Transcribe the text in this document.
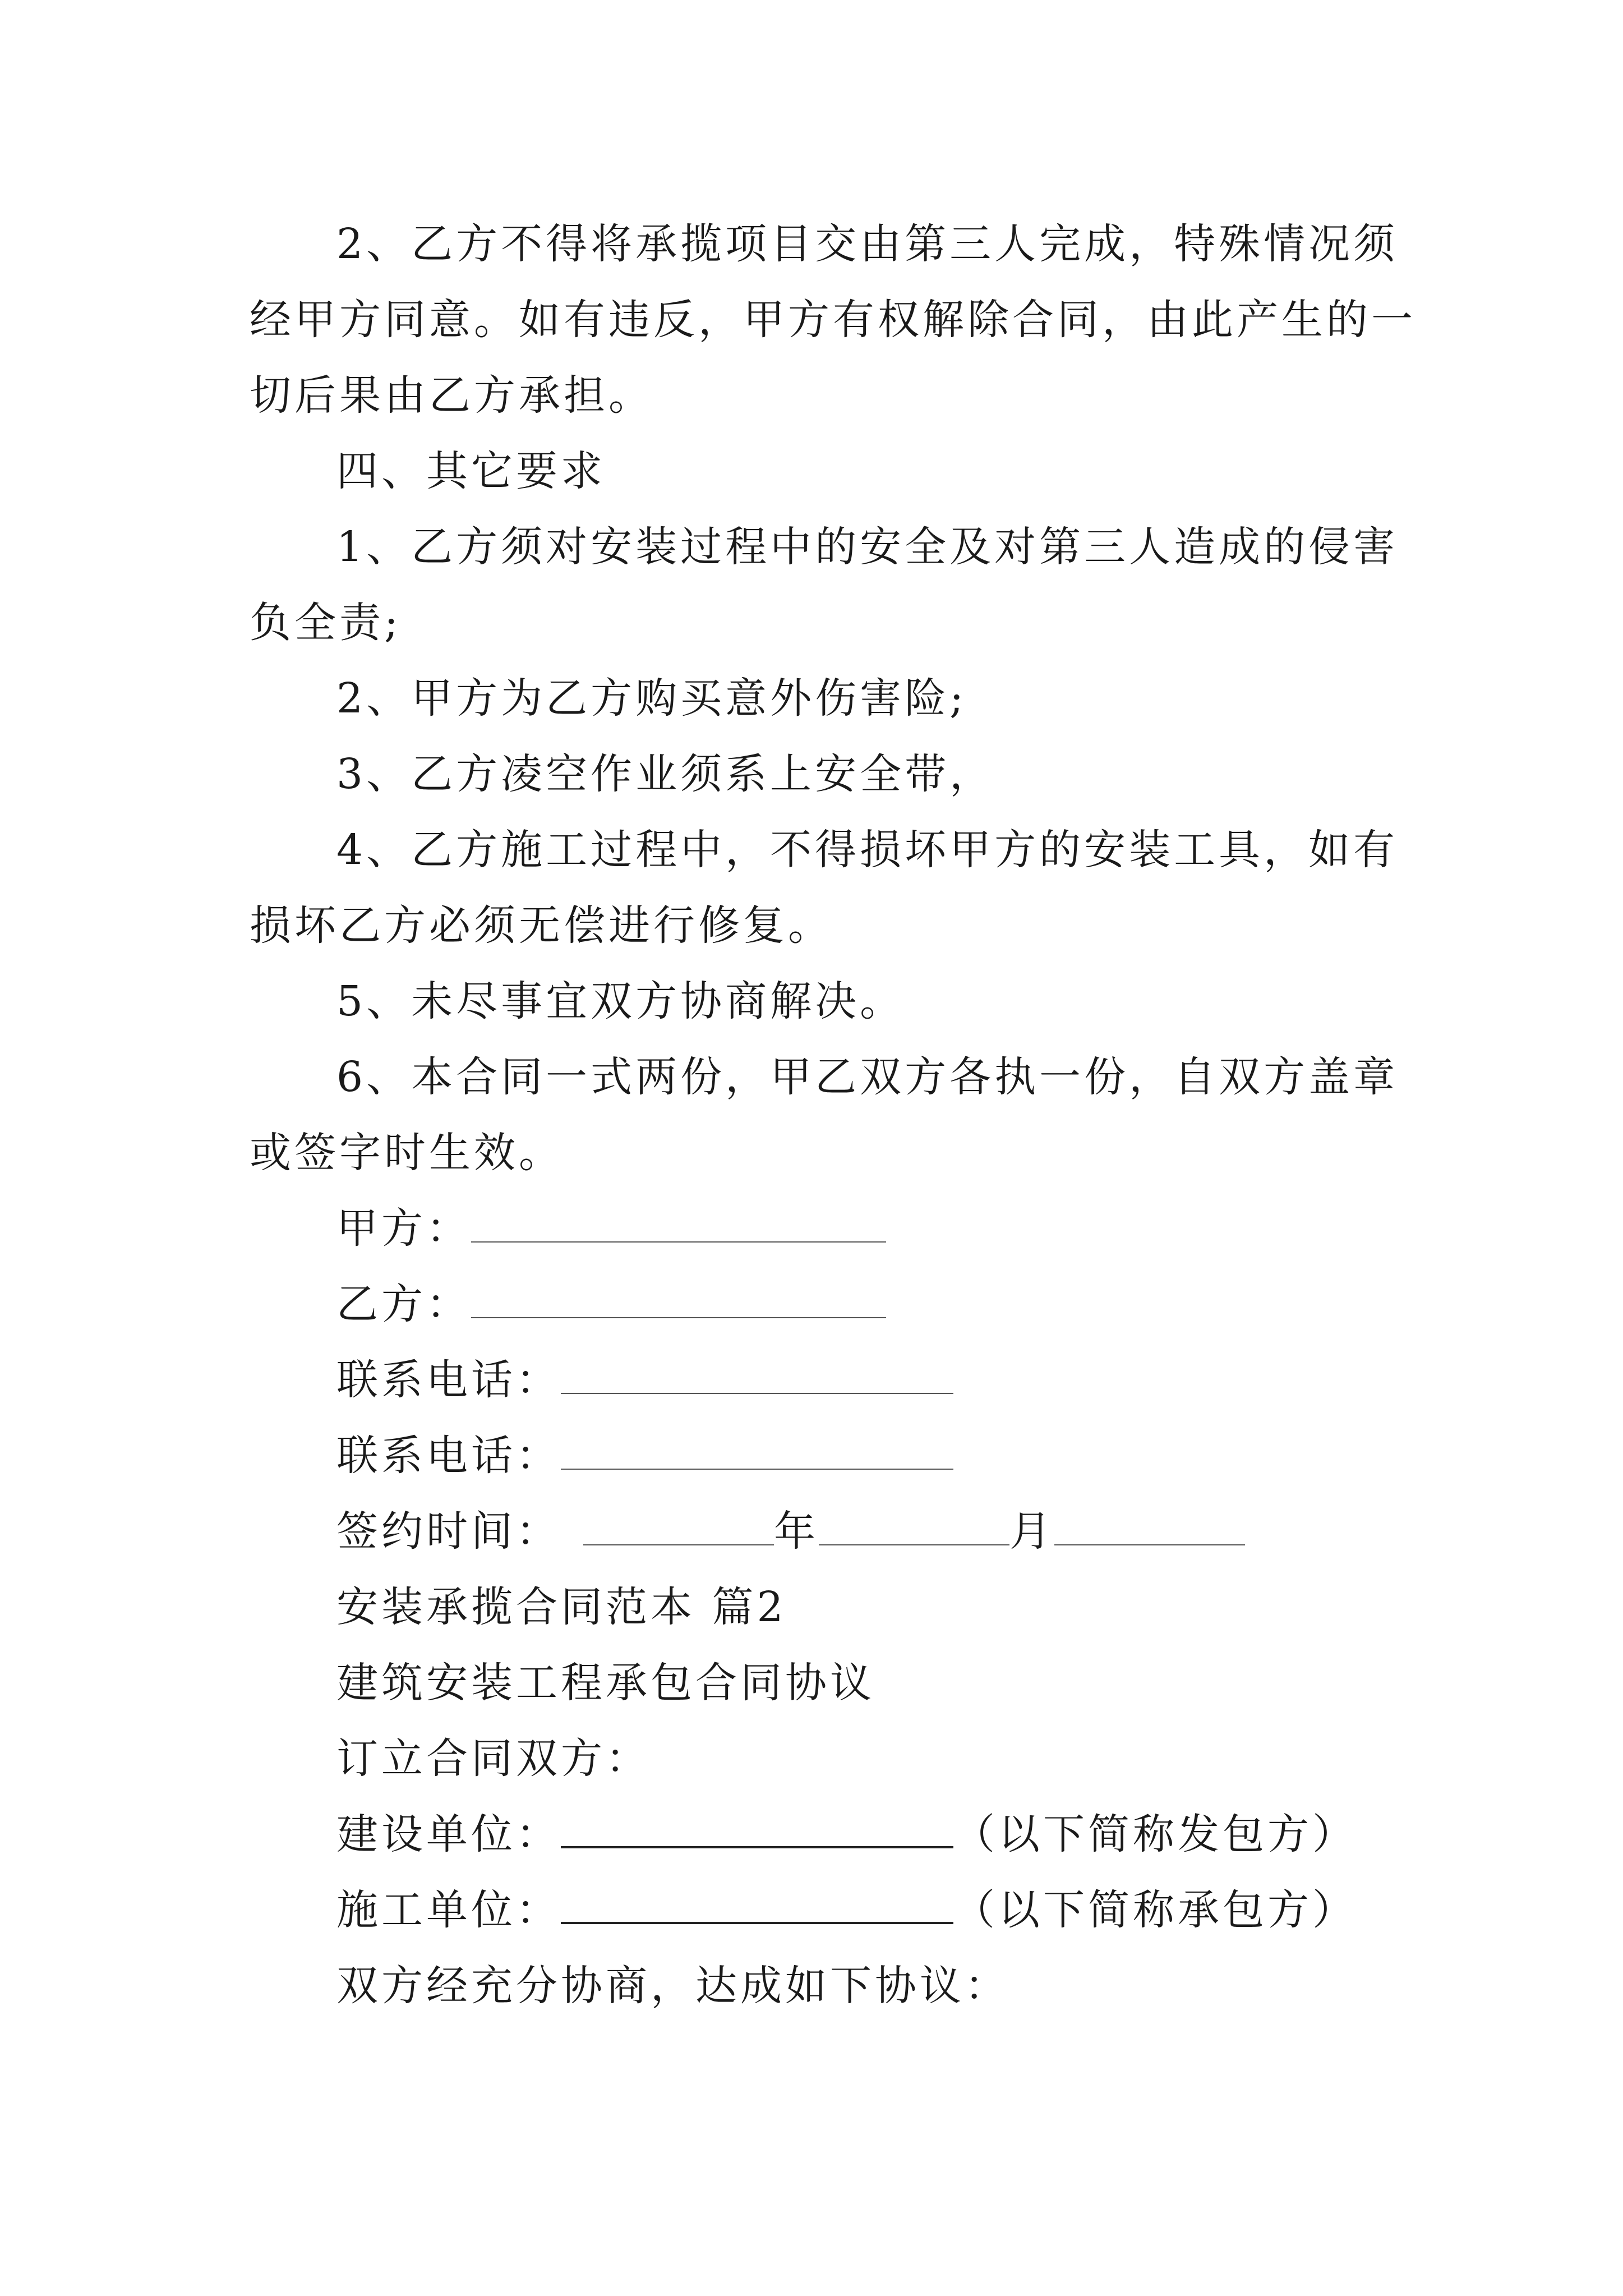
2、乙方不得将承揽项目交由第三人完成，特殊情况须
经甲方同意。如有违反，甲方有权解除合同，由此产生的一
切后果由乙方承担。
四、其它要求
1、乙方须对安装过程中的安全及对第三人造成的侵害
负全责;
2、甲方为乙方购买意外伤害险;
3、乙方凌空作业须系上安全带，
4、乙方施工过程中，不得损坏甲方的安装工具，如有
损坏乙方必须无偿进行修复。
5、未尽事宜双方协商解决。
6、本合同一式两份，甲乙双方各执一份，自双方盖章
或签字时生效。
甲方：
乙方：
联系电话：
联系电话：
签约时间：	年	月
安装承揽合同范本 篇2
建筑安装工程承包合同协议
订立合同双方：
建设单位：	（以下简称发包方）
施工单位：	（以下简称承包方）
双方经充分协商，达成如下协议：
